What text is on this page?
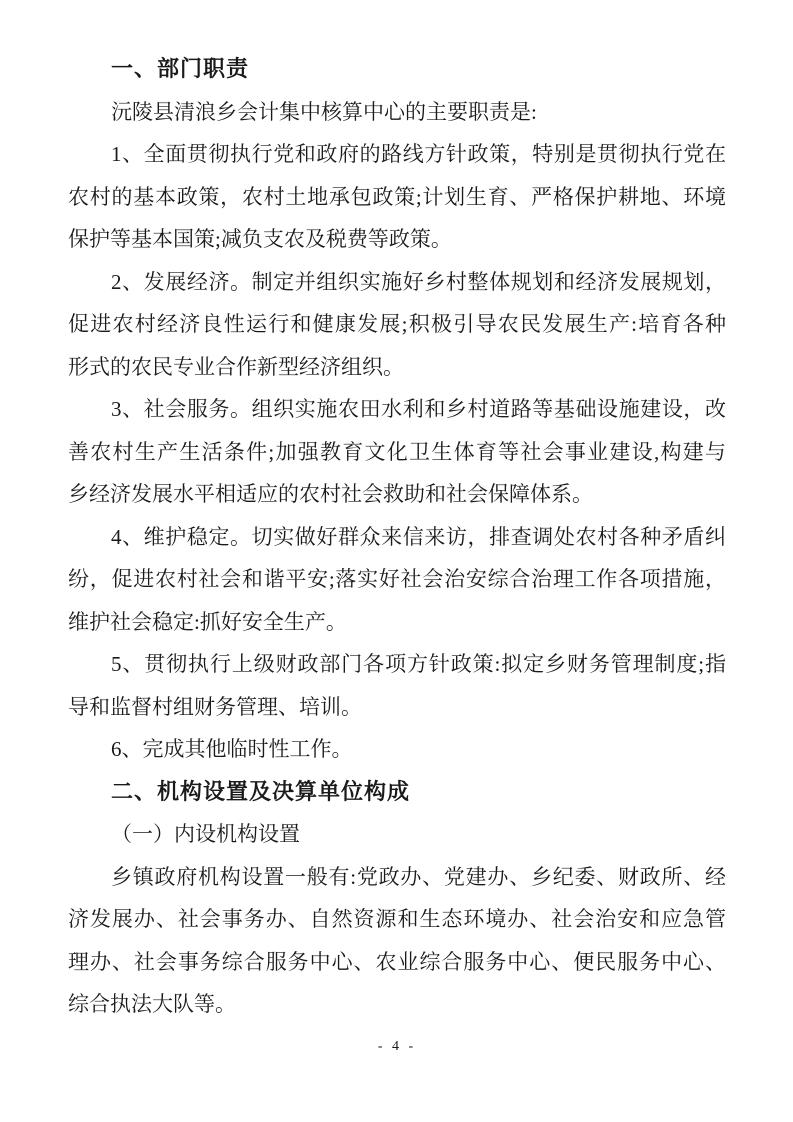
一、部门职责
沅陵县清浪乡会计集中核算中心的主要职责是:
1、全面贯彻执行党和政府的路线方针政策，特别是贯彻执行党在
农村的基本政策，农村土地承包政策;计划生育、严格保护耕地、环境
保护等基本国策;减负支农及税费等政策。
2、发展经济。制定并组织实施好乡村整体规划和经济发展规划，
促进农村经济良性运行和健康发展;积极引导农民发展生产:培育各种
形式的农民专业合作新型经济组织。
3、社会服务。组织实施农田水利和乡村道路等基础设施建设，改
善农村生产生活条件;加强教育文化卫生体育等社会事业建设,构建与
乡经济发展水平相适应的农村社会救助和社会保障体系。
4、维护稳定。切实做好群众来信来访，排查调处农村各种矛盾纠
纷，促进农村社会和谐平安;落实好社会治安综合治理工作各项措施，
维护社会稳定:抓好安全生产。
5、贯彻执行上级财政部门各项方针政策:拟定乡财务管理制度;指
导和监督村组财务管理、培训。
6、完成其他临时性工作。
二、机构设置及决算单位构成
（一）内设机构设置
乡镇政府机构设置一般有:党政办、党建办、乡纪委、财政所、经
济发展办、社会事务办、自然资源和生态环境办、社会治安和应急管
理办、社会事务综合服务中心、农业综合服务中心、便民服务中心、
综合执法大队等。
- 4 -
